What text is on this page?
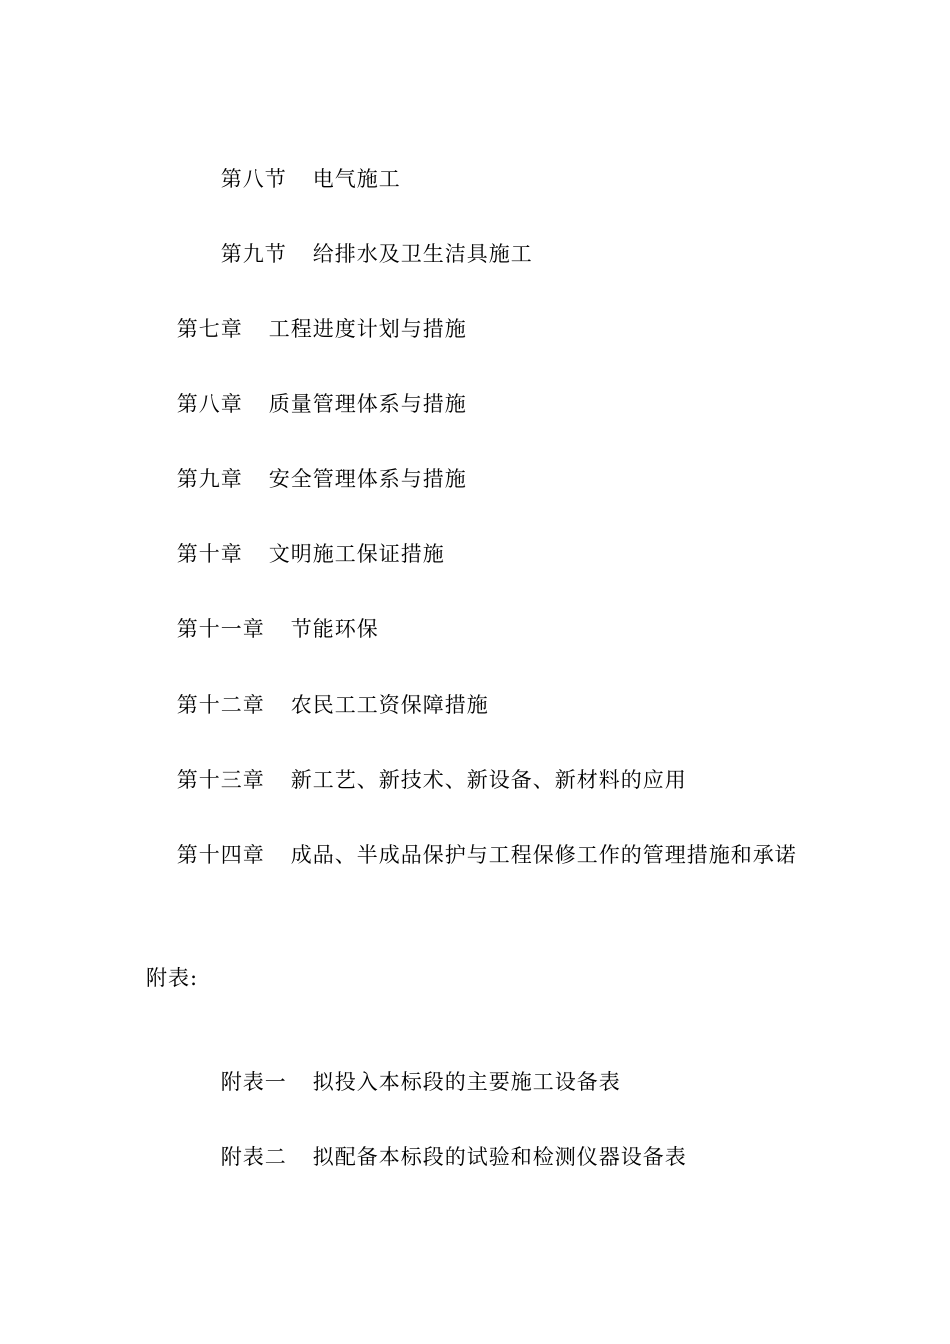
第八节 电气施工

第九节 给排水及卫生洁具施工

第七章 工程进度计划与措施

第八章 质量管理体系与措施

第九章 安全管理体系与措施

第十章 文明施工保证措施

第十一章 节能环保

第十二章 农民工工资保障措施

第十三章 新工艺、新技术、新设备、新材料的应用

第十四章 成品、半成品保护与工程保修工作的管理措施和承诺

附表:

附表一 拟投入本标段的主要施工设备表

附表二 拟配备本标段的试验和检测仪器设备表
